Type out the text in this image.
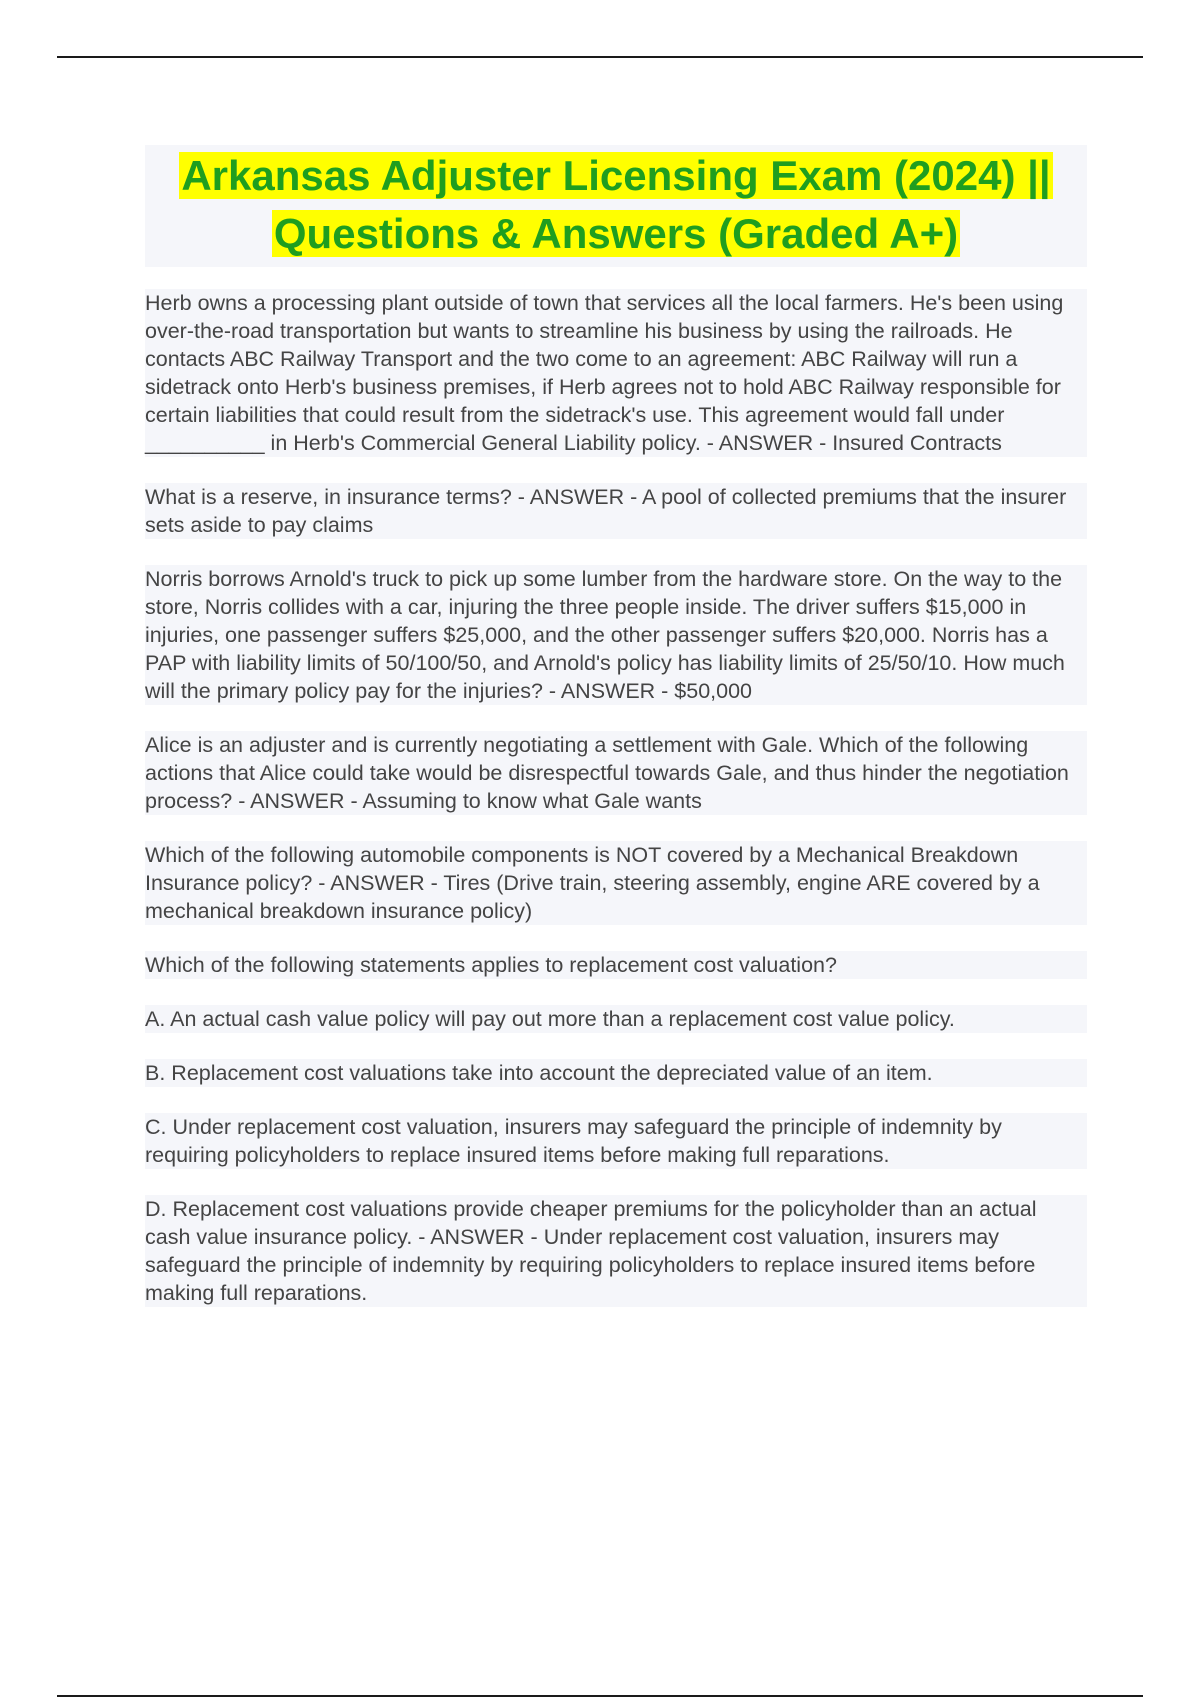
Arkansas Adjuster Licensing Exam (2024) || Questions & Answers (Graded A+)

Herb owns a processing plant outside of town that services all the local farmers. He's been using over-the-road transportation but wants to streamline his business by using the railroads. He contacts ABC Railway Transport and the two come to an agreement: ABC Railway will run a sidetrack onto Herb's business premises, if Herb agrees not to hold ABC Railway responsible for certain liabilities that could result from the sidetrack's use. This agreement would fall under __________ in Herb's Commercial General Liability policy. - ANSWER - Insured Contracts

What is a reserve, in insurance terms? - ANSWER - A pool of collected premiums that the insurer sets aside to pay claims

Norris borrows Arnold's truck to pick up some lumber from the hardware store. On the way to the store, Norris collides with a car, injuring the three people inside. The driver suffers $15,000 in injuries, one passenger suffers $25,000, and the other passenger suffers $20,000. Norris has a PAP with liability limits of 50/100/50, and Arnold's policy has liability limits of 25/50/10. How much will the primary policy pay for the injuries? - ANSWER - $50,000

Alice is an adjuster and is currently negotiating a settlement with Gale. Which of the following actions that Alice could take would be disrespectful towards Gale, and thus hinder the negotiation process? - ANSWER - Assuming to know what Gale wants

Which of the following automobile components is NOT covered by a Mechanical Breakdown Insurance policy? - ANSWER - Tires (Drive train, steering assembly, engine ARE covered by a mechanical breakdown insurance policy)

Which of the following statements applies to replacement cost valuation?

A. An actual cash value policy will pay out more than a replacement cost value policy.

B. Replacement cost valuations take into account the depreciated value of an item.

C. Under replacement cost valuation, insurers may safeguard the principle of indemnity by requiring policyholders to replace insured items before making full reparations.

D. Replacement cost valuations provide cheaper premiums for the policyholder than an actual cash value insurance policy. - ANSWER - Under replacement cost valuation, insurers may safeguard the principle of indemnity by requiring policyholders to replace insured items before making full reparations.
